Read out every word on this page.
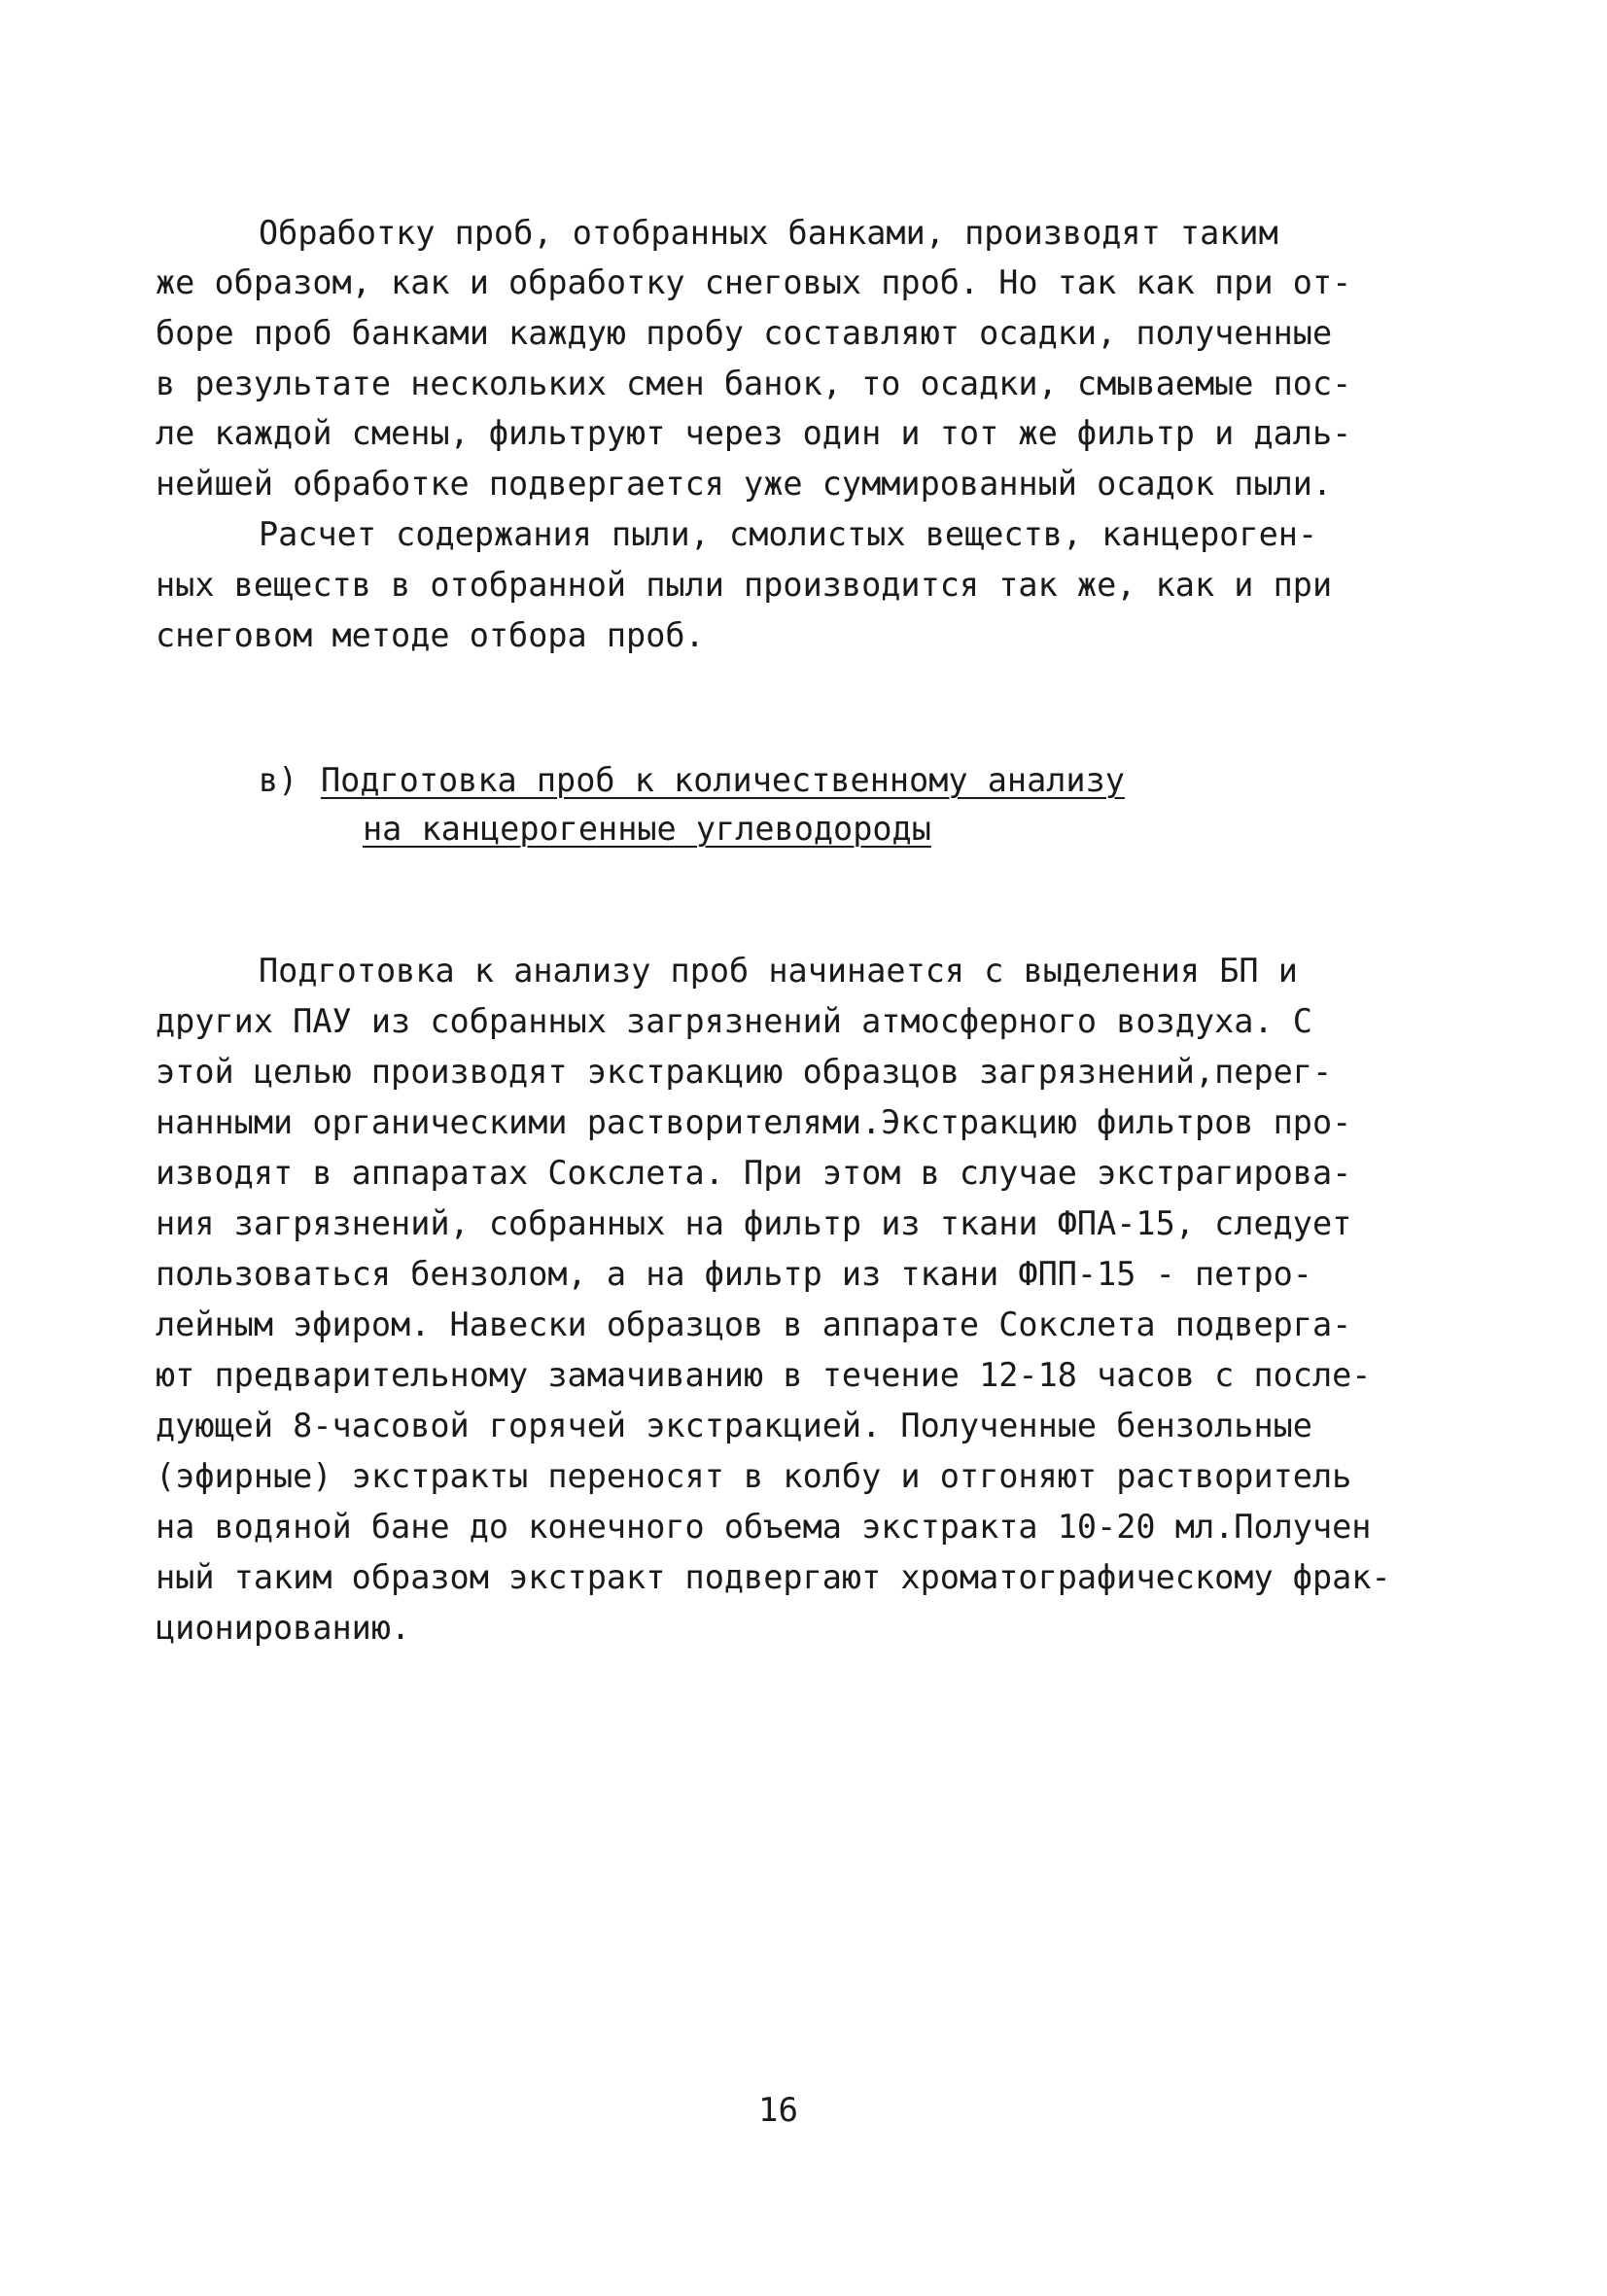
Обработку проб, отобранных банками, производят таким
же образом, как и обработку снеговых проб. Но так как при от-
боре проб банками каждую пробу составляют осадки, полученные
в результате нескольких смен банок, то осадки, смываемые пос-
ле каждой смены, фильтруют через один и тот же фильтр и даль-
нейшей обработке подвергается уже суммированный осадок пыли.
Расчет содержания пыли, смолистых веществ, канцероген-
ных веществ в отобранной пыли производится так же, как и при
снеговом методе отбора проб.
в) Подготовка проб к количественному анализу
на канцерогенные углеводороды
Подготовка к анализу проб начинается с выделения БП и
других ПАУ из собранных загрязнений атмосферного воздуха. С
этой целью производят экстракцию образцов загрязнений,перег-
нанными органическими растворителями.Экстракцию фильтров про-
изводят в аппаратах Сокслета. При этом в случае экстрагирова-
ния загрязнений, собранных на фильтр из ткани ФПА-15, следует
пользоваться бензолом, а на фильтр из ткани ФПП-15 - петро-
лейным эфиром. Навески образцов в аппарате Сокслета подверга-
ют предварительному замачиванию в течение 12-18 часов с после-
дующей 8-часовой горячей экстракцией. Полученные бензольные
(эфирные) экстракты переносят в колбу и отгоняют растворитель
на водяной бане до конечного объема экстракта 10-20 мл.Получен
ный таким образом экстракт подвергают хроматографическому фрак-
ционированию.
16
